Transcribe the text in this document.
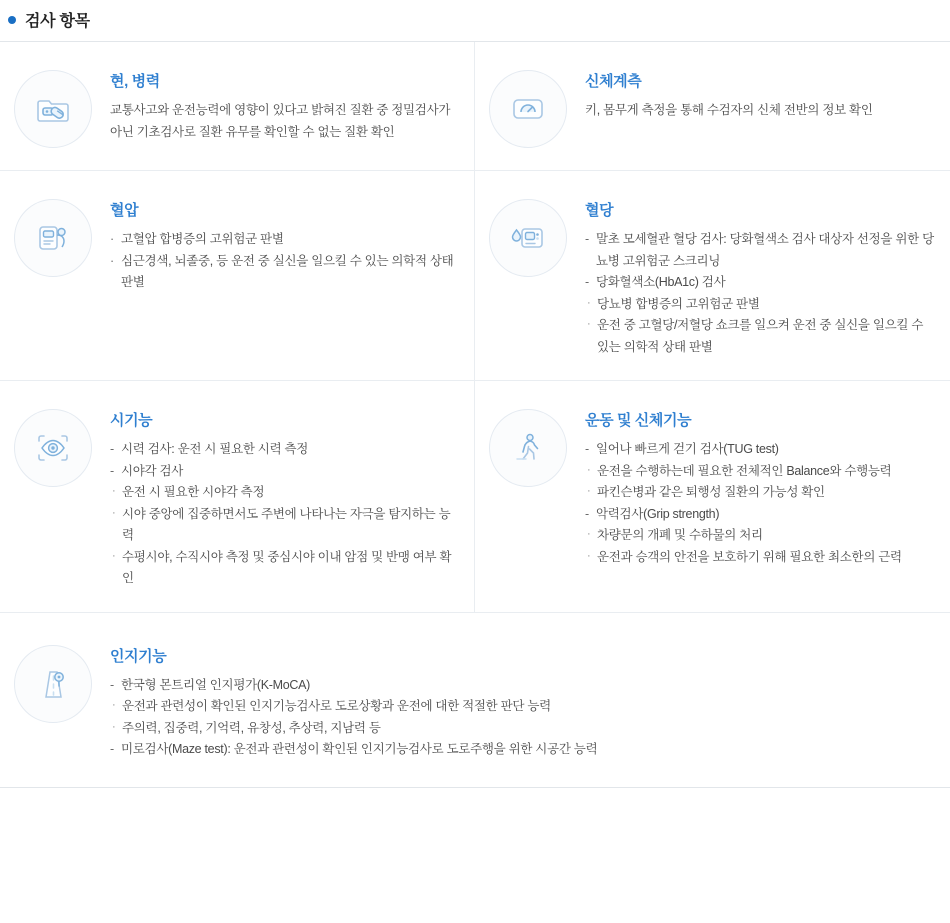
검사 항목
현, 병력

교통사고와 운전능력에 영향이 있다고 밝혀진 질환 중 정밀검사가 아닌 기초검사로 질환 유무를 확인할 수 없는 질환 확인

신체계측

키, 몸무게 측정을 통해 수검자의 신체 전반의 정보 확인

혈압
· 고혈압 합병증의 고위험군 판별
· 심근경색, 뇌졸중, 등 운전 중 실신을 일으킬 수 있는 의학적 상태 판별
혈당
- 말초 모세혈관 혈당 검사: 당화혈색소 검사 대상자 선정을 위한 당뇨병 고위험군 스크리닝
- 당화혈색소(HbA1c) 검사
· 당뇨병 합병증의 고위험군 판별
· 운전 중 고혈당/저혈당 쇼크를 일으켜 운전 중 실신을 일으킬 수 있는 의학적 상태 판별
시기능
- 시력 검사: 운전 시 필요한 시력 측정
- 시야각 검사
· 운전 시 필요한 시야각 측정
· 시야 중앙에 집중하면서도 주변에 나타나는 자극을 탐지하는 능력
· 수평시야, 수직시야 측정 및 중심시야 이내 암점 및 반맹 여부 확인
운동 및 신체기능
- 일어나 빠르게 걷기 검사(TUG test)
· 운전을 수행하는데 필요한 전체적인 Balance와 수행능력
· 파킨슨병과 같은 퇴행성 질환의 가능성 확인
- 악력검사(Grip strength)
· 차량문의 개폐 및 수하물의 처리
· 운전과 승객의 안전을 보호하기 위해 필요한 최소한의 근력
인지기능
- 한국형 몬트리얼 인지평가(K-MoCA)
· 운전과 관련성이 확인된 인지기능검사로 도로상황과 운전에 대한 적절한 판단 능력
· 주의력, 집중력, 기억력, 유창성, 추상력, 지남력 등
- 미로검사(Maze test): 운전과 관련성이 확인된 인지기능검사로 도로주행을 위한 시공간 능력
